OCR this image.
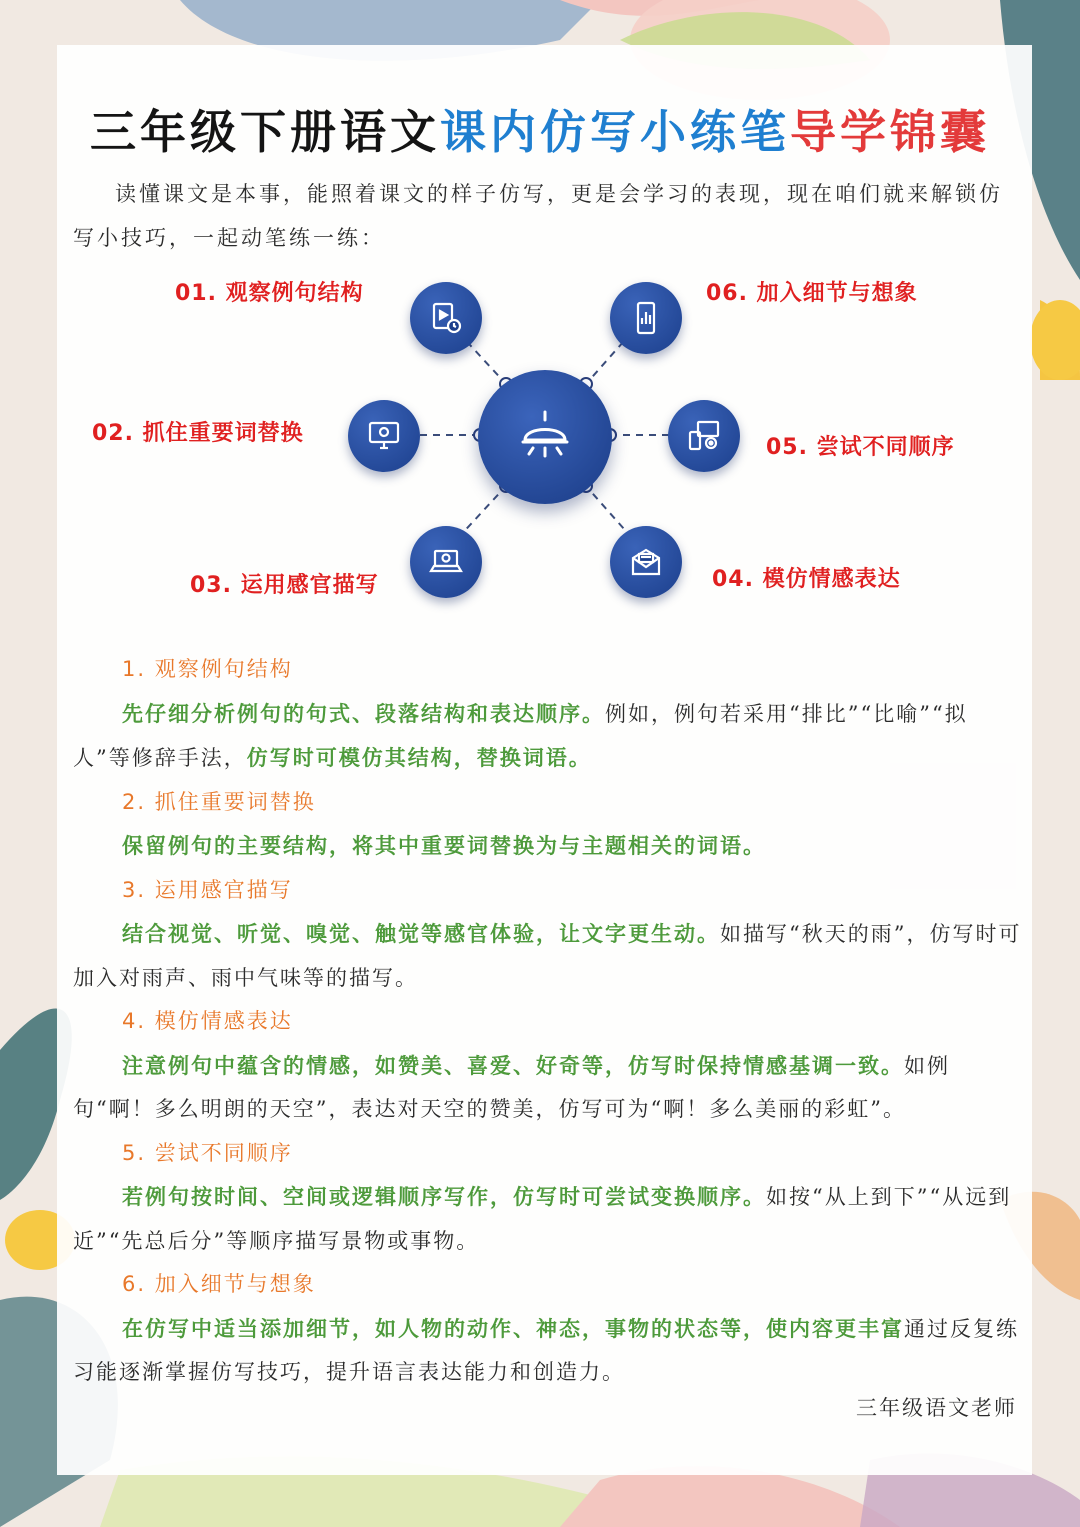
三年级下册语文课内仿写小练笔导学锦囊
读懂课文是本事，能照着课文的样子仿写，更是会学习的表现，现在咱们就来解锁仿写小技巧，一起动笔练一练：
01. 观察例句结构
02. 抓住重要词替换
03. 运用感官描写	04. 模仿情感表达
05. 尝试不同顺序
06. 加入细节与想象
1. 观察例句结构
先仔细分析例句的句式、段落结构和表达顺序。例如，例句若采用“排比”“比喻”“拟人”等修辞手法，仿写时可模仿其结构，替换词语。
2. 抓住重要词替换
保留例句的主要结构，将其中重要词替换为与主题相关的词语。
3. 运用感官描写
结合视觉、听觉、嗅觉、触觉等感官体验，让文字更生动。如描写“秋天的雨”，仿写时可加入对雨声、雨中气味等的描写。
4. 模仿情感表达
注意例句中蕴含的情感，如赞美、喜爱、好奇等，仿写时保持情感基调一致。如例句“啊！多么明朗的天空”，表达对天空的赞美，仿写可为“啊！多么美丽的彩虹”。
5. 尝试不同顺序
若例句按时间、空间或逻辑顺序写作，仿写时可尝试变换顺序。如按“从上到下”“从远到近”“先总后分”等顺序描写景物或事物。
6. 加入细节与想象
在仿写中适当添加细节，如人物的动作、神态，事物的状态等，使内容更丰富通过反复练习能逐渐掌握仿写技巧，提升语言表达能力和创造力。
三年级语文老师
